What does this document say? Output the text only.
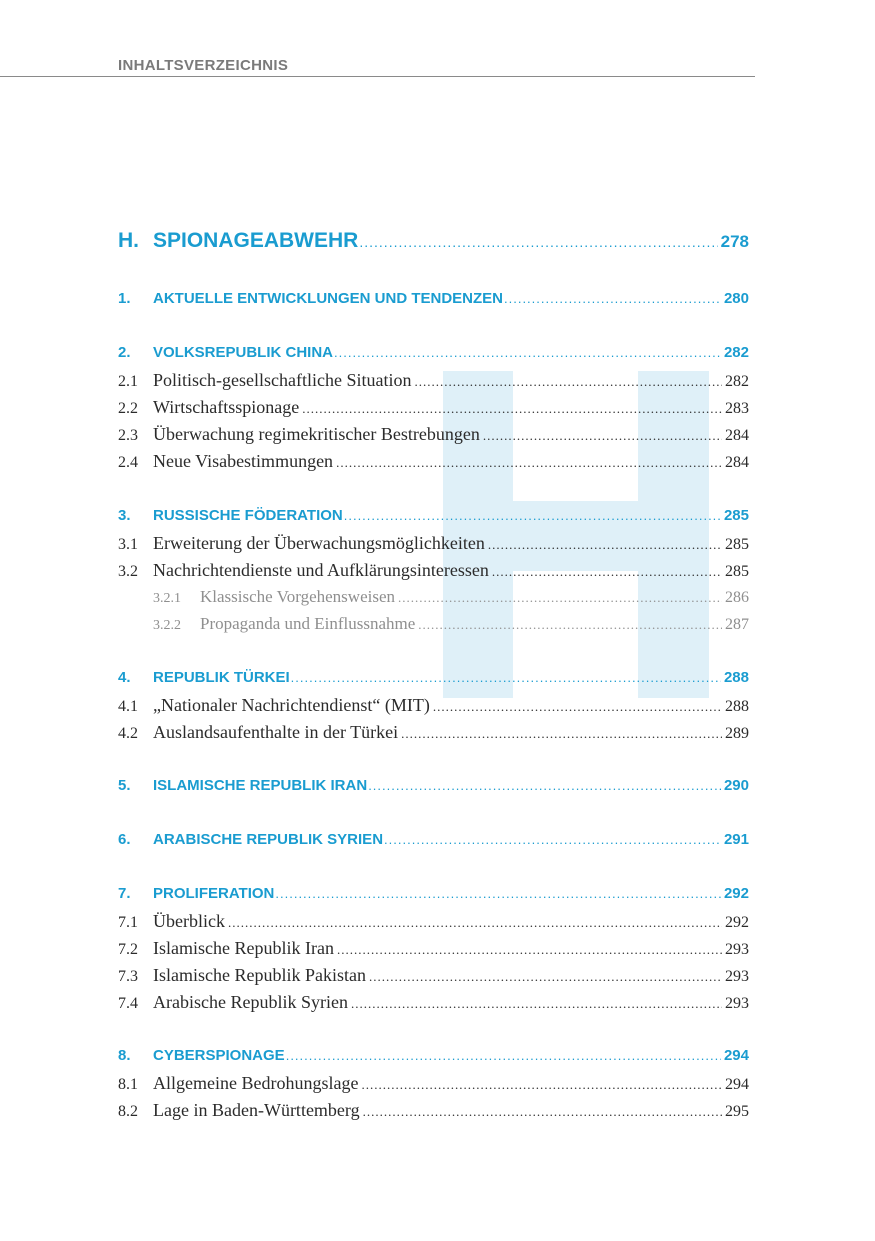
INHALTSVERZEICHNIS
H. SPIONAGEABWEHR .....	278
1.	AKTUELLE ENTWICKLUNGEN UND TENDENZEN .....	280
2.	VOLKSREPUBLIK CHINA .....	282
2.1 Politisch-gesellschaftliche Situation .....	282
2.2 Wirtschaftsspionage .....	283
2.3 Überwachung regimekritischer Bestrebungen .....	284
2.4 Neue Visabestimmungen .....	284
3.	RUSSISCHE FÖDERATION .....	285
3.1 Erweiterung der Überwachungsmöglichkeiten .....	285
3.2 Nachrichtendienste und Aufklärungsinteressen .....	285
3.2.1	Klassische Vorgehensweisen .....	286
3.2.2	Propaganda und Einflussnahme .....	287
4.	REPUBLIK TÜRKEI .....	288
4.1 „Nationaler Nachrichtendienst“ (MIT) .....	288
4.2 Auslandsaufenthalte in der Türkei .....	289
5.	ISLAMISCHE REPUBLIK IRAN .....	290
6.	ARABISCHE REPUBLIK SYRIEN .....	291
7.	PROLIFERATION .....	292
7.1 Überblick .....	292
7.2 Islamische Republik Iran .....	293
7.3 Islamische Republik Pakistan .....	293
7.4 Arabische Republik Syrien .....	293
8.	CYBERSPIONAGE .....	294
8.1 Allgemeine Bedrohungslage .....	294
8.2 Lage in Baden-Württemberg .....	295
